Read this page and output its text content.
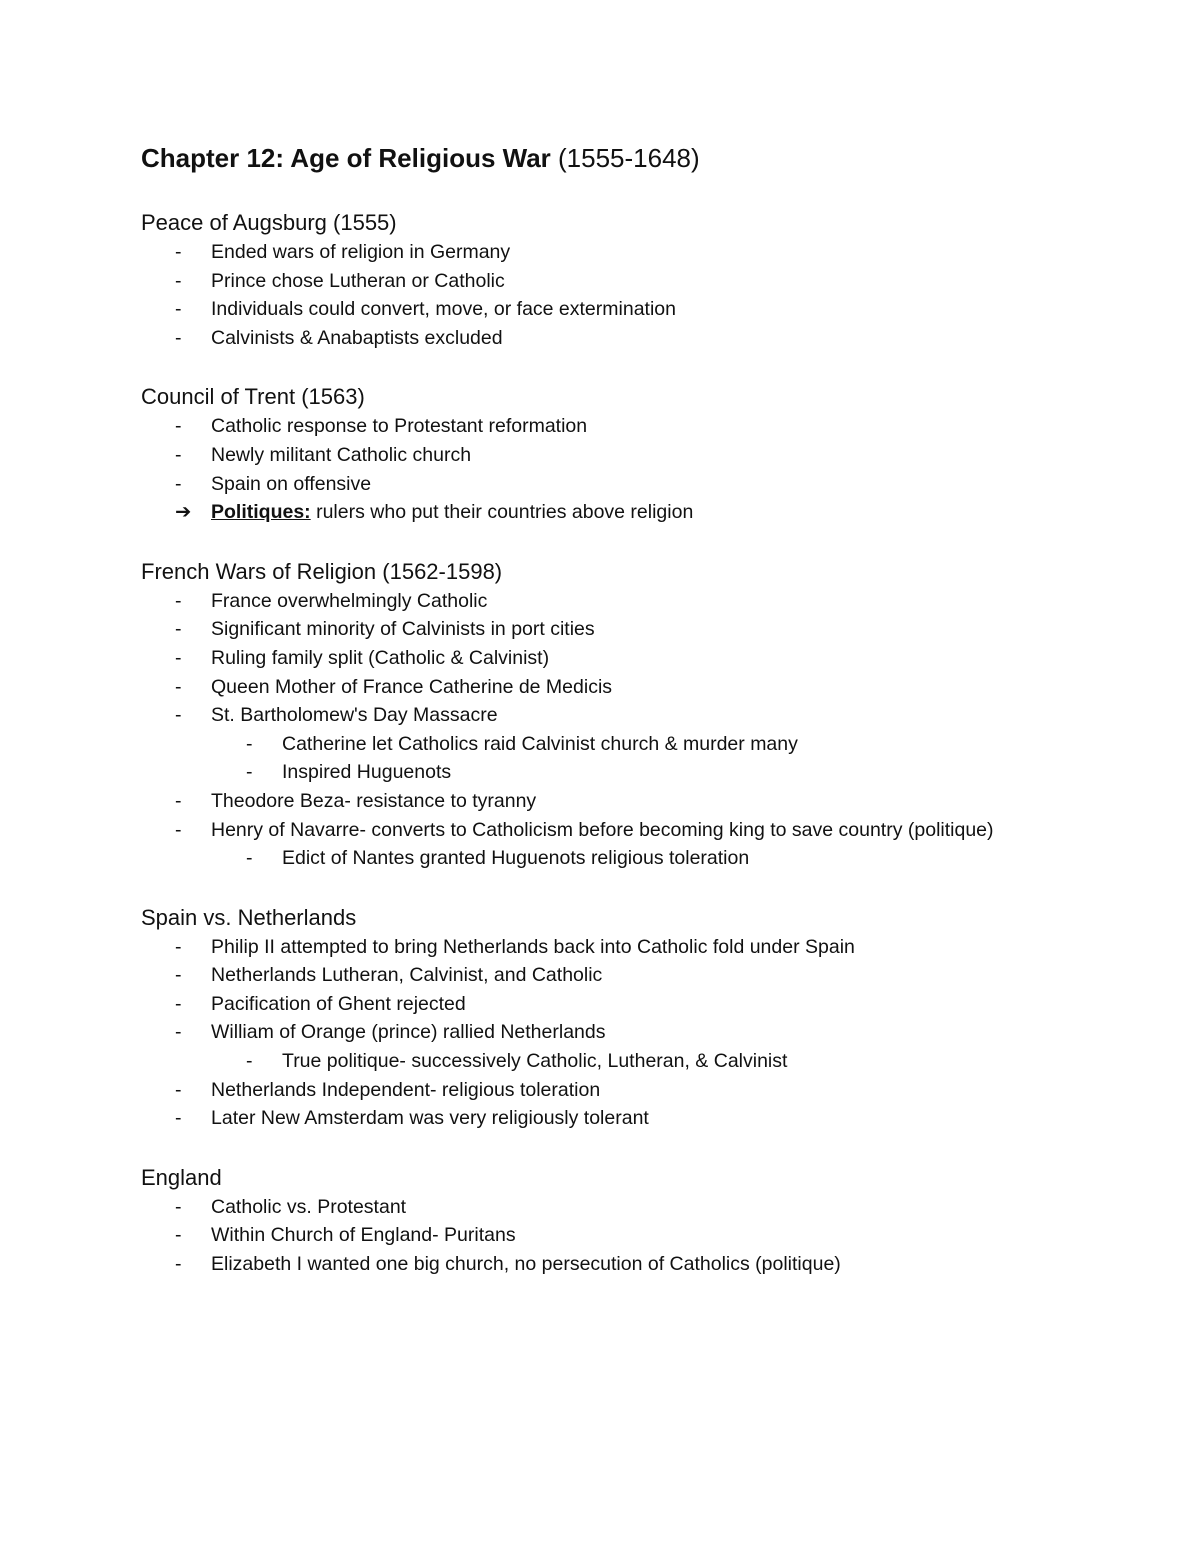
Chapter 12: Age of Religious War (1555-1648)

Peace of Augsburg (1555)

-	Ended wars of religion in Germany
-	Prince chose Lutheran or Catholic
-	Individuals could convert, move, or face extermination
-	Calvinists & Anabaptists excluded

Council of Trent (1563)

-	Catholic response to Protestant reformation
-	Newly militant Catholic church
-	Spain on offensive
➔	Politiques: rulers who put their countries above religion

French Wars of Religion (1562-1598)

-	France overwhelmingly Catholic
-	Significant minority of Calvinists in port cities
-	Ruling family split (Catholic & Calvinist)
-	Queen Mother of France Catherine de Medicis
-	St. Bartholomew's Day Massacre
-	Catherine let Catholics raid Calvinist church & murder many
-	Inspired Huguenots
-	Theodore Beza- resistance to tyranny
-	Henry of Navarre- converts to Catholicism before becoming king to save country (politique)
-	Edict of Nantes granted Huguenots religious toleration

Spain vs. Netherlands

-	Philip II attempted to bring Netherlands back into Catholic fold under Spain
-	Netherlands Lutheran, Calvinist, and Catholic
-	Pacification of Ghent rejected
-	William of Orange (prince) rallied Netherlands
-	True politique- successively Catholic, Lutheran, & Calvinist
-	Netherlands Independent- religious toleration
-	Later New Amsterdam was very religiously tolerant

England

-	Catholic vs. Protestant
-	Within Church of England- Puritans
-	Elizabeth I wanted one big church, no persecution of Catholics (politique)
